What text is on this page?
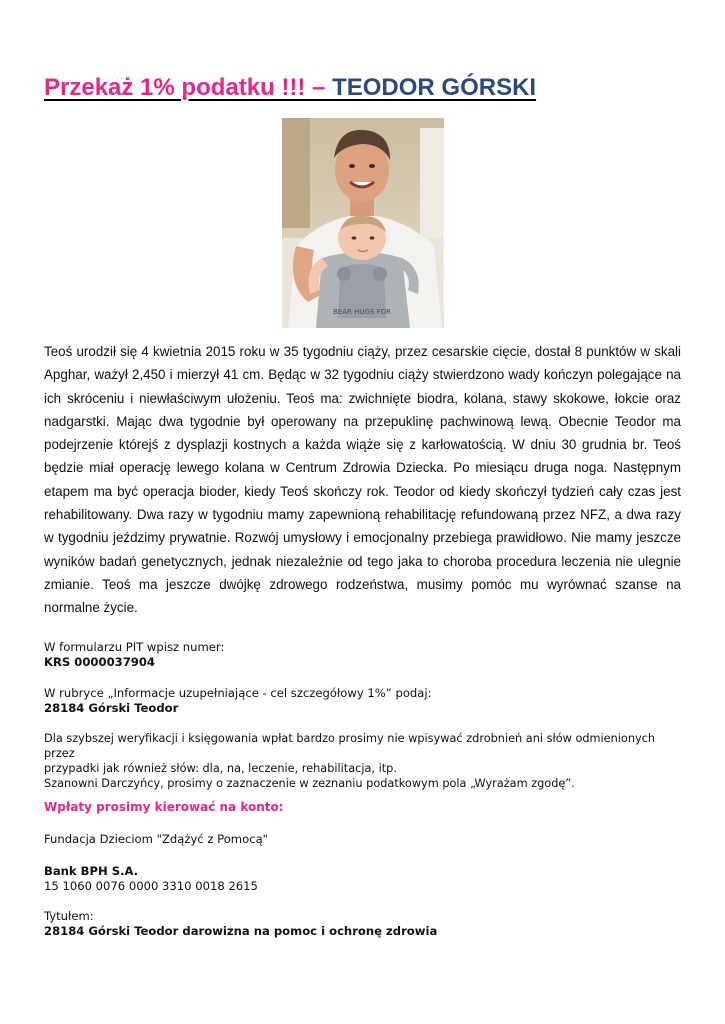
Przekaż 1% podatku !!! – TEODOR GÓRSKI
BEAR HUGS FOR
Teoś urodził się 4 kwietnia 2015 roku w 35 tygodniu ciąży, przez cesarskie cięcie, dostał 8 punktów w skali Apghar, ważył 2,450 i mierzył 41 cm. Będąc w 32 tygodniu ciąży stwierdzono wady kończyn polegające na ich skróceniu i niewłaściwym ułożeniu. Teoś ma: zwichnięte biodra, kolana, stawy skokowe, łokcie oraz nadgarstki. Mając dwa tygodnie był operowany na przepuklinę pachwinową lewą. Obecnie Teodor ma podejrzenie którejś z dysplazji kostnych a każda wiąże się z karłowatością. W dniu 30 grudnia br. Teoś będzie miał operację lewego kolana w Centrum Zdrowia Dziecka. Po miesiącu druga noga. Następnym etapem ma być operacja bioder, kiedy Teoś skończy rok. Teodor od kiedy skończył tydzień cały czas jest rehabilitowany. Dwa razy w tygodniu mamy zapewnioną rehabilitację refundowaną przez NFZ, a dwa razy w tygodniu jeździmy prywatnie. Rozwój umysłowy i emocjonalny przebiega prawidłowo. Nie mamy jeszcze wyników badań genetycznych, jednak niezależnie od tego jaka to choroba procedura leczenia nie ulegnie zmianie. Teoś ma jeszcze dwójkę zdrowego rodzeństwa, musimy pomóc mu wyrównać szanse na normalne życie.
W formularzu PIT wpisz numer:
KRS 0000037904
W rubryce „Informacje uzupełniające - cel szczegółowy 1%” podaj:
28184 Górski Teodor
Dla szybszej weryfikacji i księgowania wpłat bardzo prosimy nie wpisywać zdrobnień ani słów odmienionych przez
przypadki jak również słów: dla, na, leczenie, rehabilitacja, itp.
Szanowni Darczyńcy, prosimy o zaznaczenie w zeznaniu podatkowym pola „Wyrażam zgodę”.
Wpłaty prosimy kierować na konto:
Fundacja Dzieciom "Zdążyć z Pomocą"
Bank BPH S.A.
15 1060 0076 0000 3310 0018 2615
Tytułem:
28184 Górski Teodor darowizna na pomoc i ochronę zdrowia
